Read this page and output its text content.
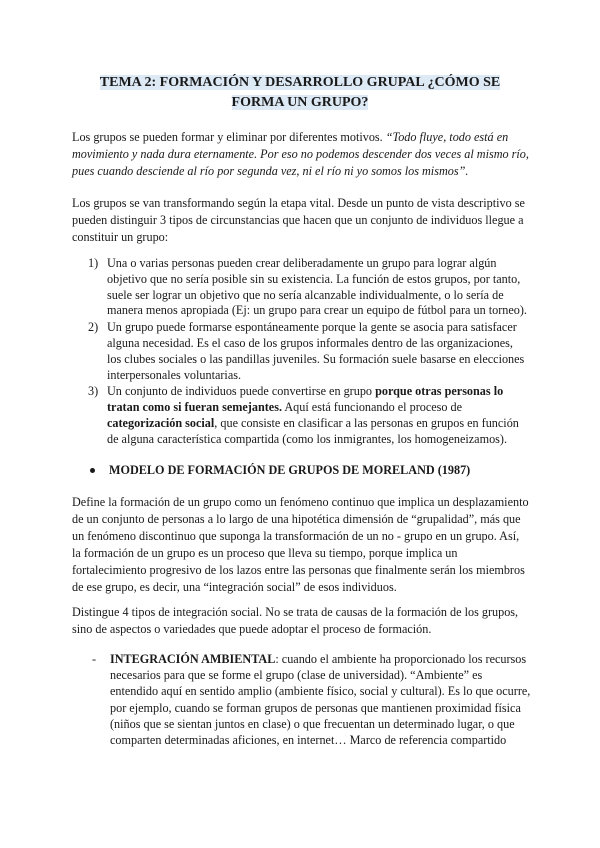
TEMA 2: FORMACIÓN Y DESARROLLO GRUPAL ¿CÓMO SE
FORMA UN GRUPO?

Los grupos se pueden formar y eliminar por diferentes motivos. “Todo fluye, todo está en movimiento y nada dura eternamente. Por eso no podemos descender dos veces al mismo río, pues cuando desciende al río por segunda vez, ni el río ni yo somos los mismos”.

Los grupos se van transformando según la etapa vital. Desde un punto de vista descriptivo se pueden distinguir 3 tipos de circunstancias que hacen que un conjunto de individuos llegue a constituir un grupo:

1) Una o varias personas pueden crear deliberadamente un grupo para lograr algún objetivo que no sería posible sin su existencia. La función de estos grupos, por tanto, suele ser lograr un objetivo que no sería alcanzable individualmente, o lo sería de manera menos apropiada (Ej: un grupo para crear un equipo de fútbol para un torneo).
2) Un grupo puede formarse espontáneamente porque la gente se asocia para satisfacer alguna necesidad. Es el caso de los grupos informales dentro de las organizaciones, los clubes sociales o las pandillas juveniles. Su formación suele basarse en elecciones interpersonales voluntarias.
3) Un conjunto de individuos puede convertirse en grupo porque otras personas lo tratan como si fueran semejantes. Aquí está funcionando el proceso de categorización social, que consiste en clasificar a las personas en grupos en función de alguna característica compartida (como los inmigrantes, los homogeneizamos).
MODELO DE FORMACIÓN DE GRUPOS DE MORELAND (1987)

Define la formación de un grupo como un fenómeno continuo que implica un desplazamiento de un conjunto de personas a lo largo de una hipotética dimensión de “grupalidad”, más que un fenómeno discontinuo que suponga la transformación de un no - grupo en un grupo. Así, la formación de un grupo es un proceso que lleva su tiempo, porque implica un fortalecimiento progresivo de los lazos entre las personas que finalmente serán los miembros de ese grupo, es decir, una “integración social” de esos individuos.

Distingue 4 tipos de integración social. No se trata de causas de la formación de los grupos, sino de aspectos o variedades que puede adoptar el proceso de formación.

-	INTEGRACIÓN AMBIENTAL: cuando el ambiente ha proporcionado los recursos necesarios para que se forme el grupo (clase de universidad). “Ambiente” es entendido aquí en sentido amplio (ambiente físico, social y cultural). Es lo que ocurre, por ejemplo, cuando se forman grupos de personas que mantienen proximidad física (niños que se sientan juntos en clase) o que frecuentan un determinado lugar, o que comparten determinadas aficiones, en internet… Marco de referencia compartido
